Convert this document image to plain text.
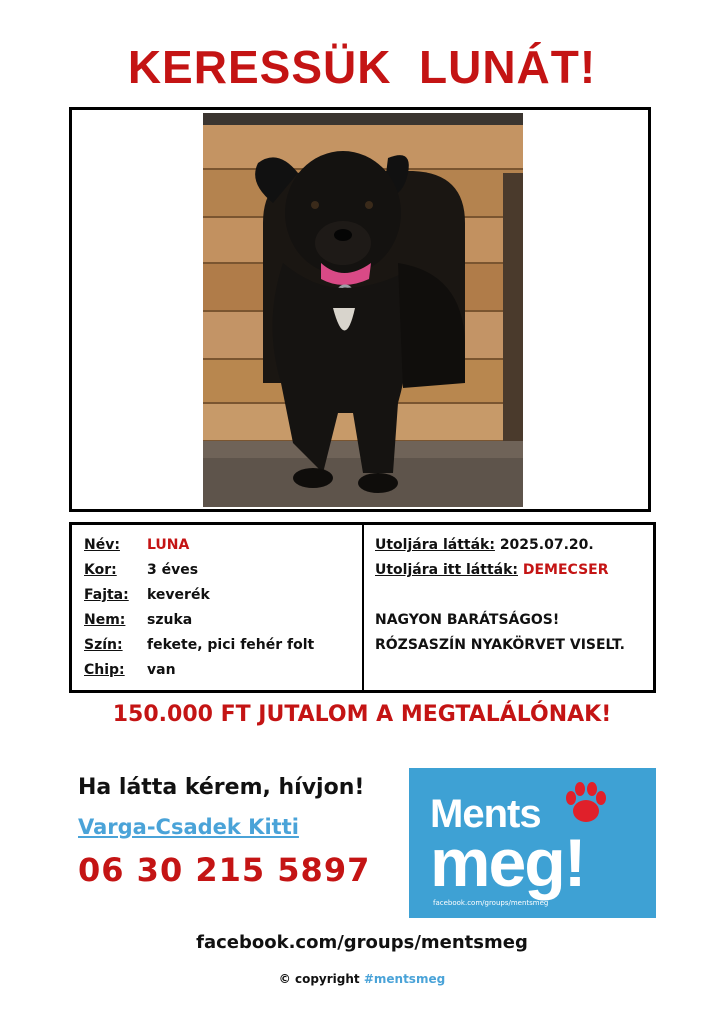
KERESSÜK  LUNÁT!
Név: LUNA
Kor: 3 éves
Fajta: keverék
Nem: szuka
Szín: fekete, pici fehér folt
Chip: van
Utoljára látták: 2025.07.20.
Utoljára itt látták: DEMECSER
NAGYON BARÁTSÁGOS!
RÓZSASZÍN NYAKÖRVET VISELT.
150.000 FT JUTALOM A MEGTALÁLÓNAK!
Ha látta kérem, hívjon!
Varga-Csadek Kitti
06 30 215 5897
Ments
meg!
facebook.com/groups/mentsmeg
facebook.com/groups/mentsmeg
© copyright #mentsmeg
